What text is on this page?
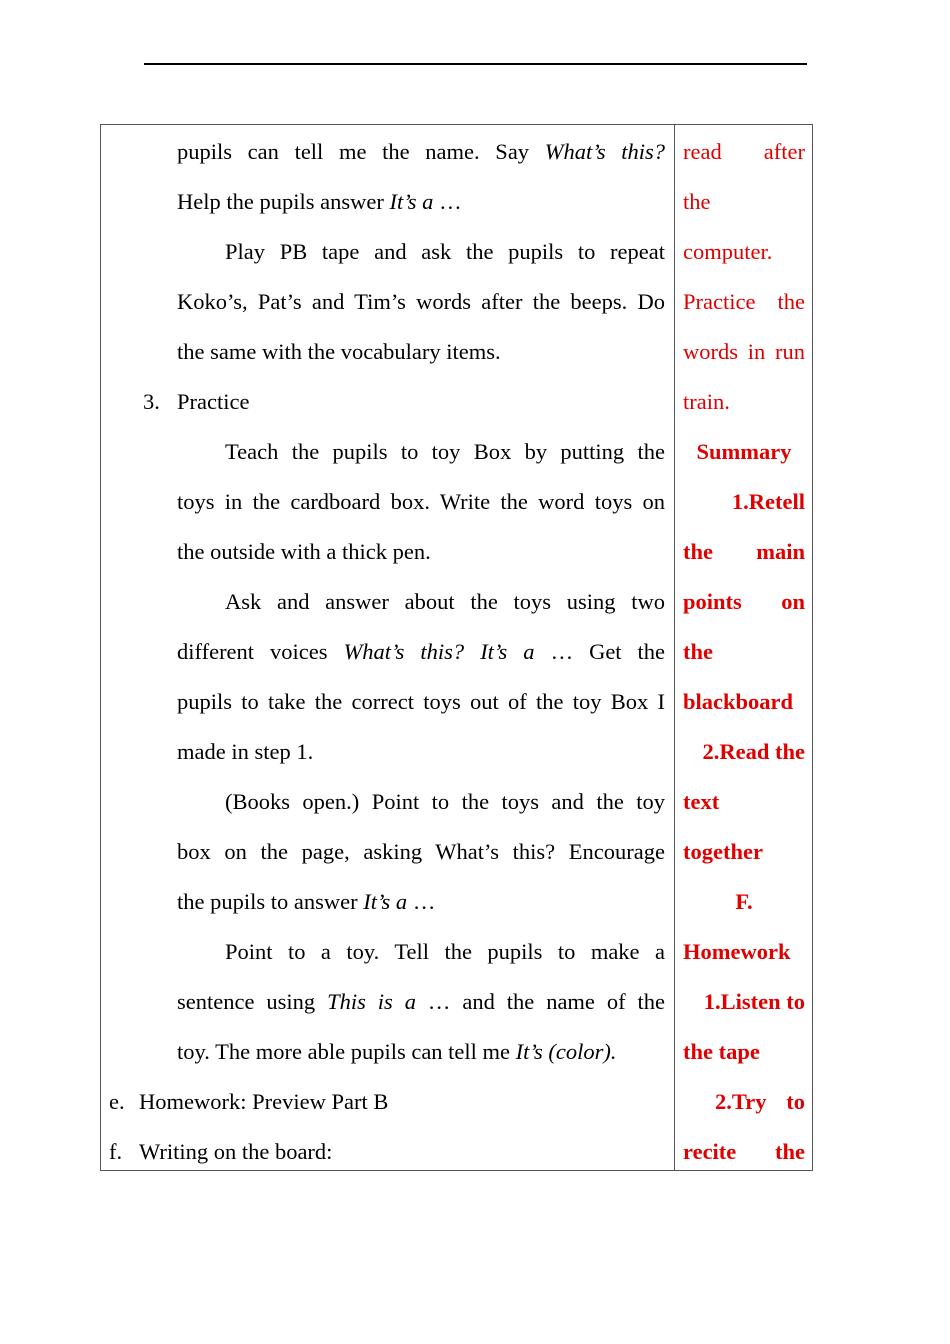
pupils can tell me the name. Say What’s this?
Help the pupils answer It’s a …
Play PB tape and ask the pupils to repeat
Koko’s, Pat’s and Tim’s words after the beeps. Do
the same with the vocabulary items.
3. Practice
Teach the pupils to toy Box by putting the
toys in the cardboard box. Write the word toys on
the outside with a thick pen.
Ask and answer about the toys using two
different voices What’s this? It’s a … Get the
pupils to take the correct toys out of the toy Box I
made in step 1.
(Books open.) Point to the toys and the toy
box on the page, asking What’s this? Encourage
the pupils to answer It’s a …
Point to a toy. Tell the pupils to make a
sentence using This is a … and the name of the
toy. The more able pupils can tell me It’s (color).
e. Homework: Preview Part B
f. Writing on the board:
read after
the
computer.
Practice the
words in run
train.
Summary
1.Retell
the main
points on
the
blackboard
2.Read the
text
together
F.
Homework
1.Listen to
the tape
2.Try to
recite the
